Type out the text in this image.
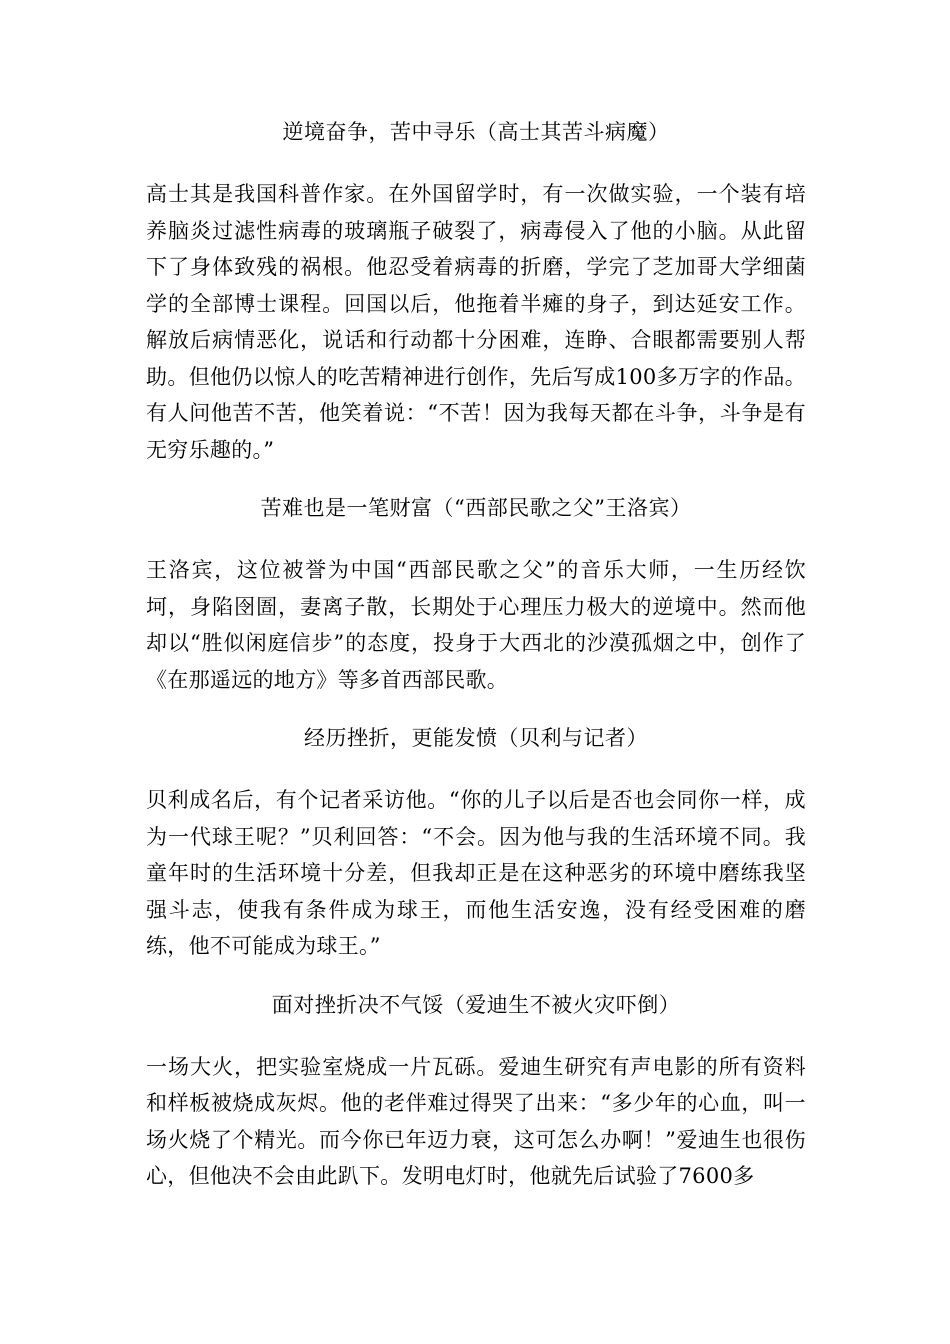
逆境奋争，苦中寻乐（高士其苦斗病魔）
高士其是我国科普作家。在外国留学时，有一次做实验，一个装有培养脑炎过滤性病毒的玻璃瓶子破裂了，病毒侵入了他的小脑。从此留下了身体致残的祸根。他忍受着病毒的折磨，学完了芝加哥大学细菌学的全部博士课程。回国以后，他拖着半瘫的身子，到达延安工作。解放后病情恶化，说话和行动都十分困难，连睁、合眼都需要别人帮助。但他仍以惊人的吃苦精神进行创作，先后写成100多万字的作品。有人问他苦不苦，他笑着说：“不苦！因为我每天都在斗争，斗争是有无穷乐趣的。”
苦难也是一笔财富（“西部民歌之父”王洛宾）
王洛宾，这位被誉为中国“西部民歌之父”的音乐大师，一生历经饮坷，身陷囹圄，妻离子散，长期处于心理压力极大的逆境中。然而他却以“胜似闲庭信步”的态度，投身于大西北的沙漠孤烟之中，创作了《在那遥远的地方》等多首西部民歌。
经历挫折，更能发愤（贝利与记者）
贝利成名后，有个记者采访他。“你的儿子以后是否也会同你一样，成为一代球王呢？”贝利回答：“不会。因为他与我的生活环境不同。我童年时的生活环境十分差，但我却正是在这种恶劣的环境中磨练我坚强斗志，使我有条件成为球王，而他生活安逸，没有经受困难的磨练，他不可能成为球王。”
面对挫折决不气馁（爱迪生不被火灾吓倒）
一场大火，把实验室烧成一片瓦砾。爱迪生研究有声电影的所有资料和样板被烧成灰烬。他的老伴难过得哭了出来：“多少年的心血，叫一场火烧了个精光。而今你已年迈力衰，这可怎么办啊！”爱迪生也很伤心，但他决不会由此趴下。发明电灯时，他就先后试验了7600多
